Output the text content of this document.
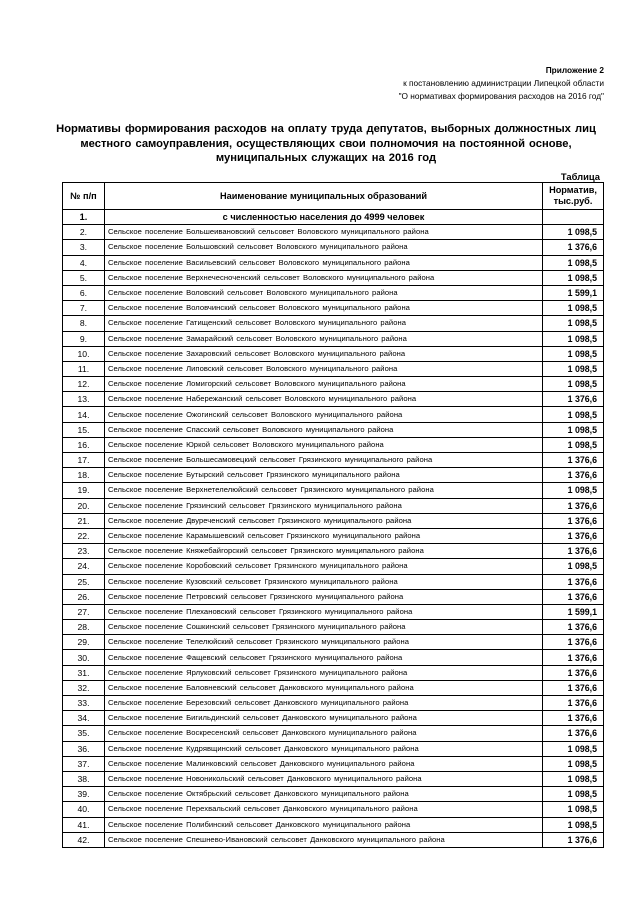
Приложение 2
к постановлению администрации Липецкой области
"О нормативах формирования расходов на 2016 год"
Нормативы формирования расходов на оплату труда депутатов, выборных должностных лиц
местного самоуправления, осуществляющих свои полномочия на постоянной основе,
муниципальных служащих на 2016 год
Таблица
№ п/п	Наименование муниципальных образований	Норматив,
тыс.руб.

1.	с численностью населения до 4999 человек	
2.	Сельское поселение Большеивановский сельсовет Воловского муниципального района	1 098,5
3.	Сельское поселение Большовский сельсовет Воловского муниципального района	1 376,6
4.	Сельское поселение Васильевский сельсовет Воловского муниципального района	1 098,5
5.	Сельское поселение Верхнечесноченский сельсовет Воловского муниципального района	1 098,5
6.	Сельское поселение Воловский сельсовет Воловского муниципального района	1 599,1
7.	Сельское поселение Воловчинский сельсовет Воловского муниципального района	1 098,5
8.	Сельское поселение Гатищенский сельсовет Воловского муниципального района	1 098,5
9.	Сельское поселение Замарайский сельсовет Воловского муниципального района	1 098,5
10.	Сельское поселение Захаровский сельсовет Воловского муниципального района	1 098,5
11.	Сельское поселение Липовский сельсовет Воловского муниципального района	1 098,5
12.	Сельское поселение Ломигорский сельсовет Воловского муниципального района	1 098,5
13.	Сельское поселение Набережанский сельсовет Воловского муниципального района	1 376,6
14.	Сельское поселение Ожогинский сельсовет Воловского муниципального района	1 098,5
15.	Сельское поселение Спасский сельсовет Воловского муниципального района	1 098,5
16.	Сельское поселение Юркой сельсовет Воловского муниципального района	1 098,5
17.	Сельское поселение Большесамовецкий сельсовет Грязинского муниципального района	1 376,6
18.	Сельское поселение Бутырский сельсовет Грязинского муниципального района	1 376,6
19.	Сельское поселение Верхнетелелюйский сельсовет Грязинского муниципального района	1 098,5
20.	Сельское поселение Грязинский сельсовет Грязинского муниципального района	1 376,6
21.	Сельское поселение Двуреченский сельсовет Грязинского муниципального района	1 376,6
22.	Сельское поселение Карамышевский сельсовет Грязинского муниципального района	1 376,6
23.	Сельское поселение Княжебайгорский сельсовет Грязинского муниципального района	1 376,6
24.	Сельское поселение Коробовский сельсовет Грязинского муниципального района	1 098,5
25.	Сельское поселение Кузовский сельсовет Грязинского муниципального района	1 376,6
26.	Сельское поселение Петровский сельсовет Грязинского муниципального района	1 376,6
27.	Сельское поселение Плехановский сельсовет Грязинского муниципального района	1 599,1
28.	Сельское поселение Сошкинский сельсовет Грязинского муниципального района	1 376,6
29.	Сельское поселение Телелюйский сельсовет Грязинского муниципального района	1 376,6
30.	Сельское поселение Фащевский сельсовет Грязинского муниципального района	1 376,6
31.	Сельское поселение Ярлуковский сельсовет Грязинского муниципального района	1 376,6
32.	Сельское поселение Баловневский сельсовет Данковского муниципального района	1 376,6
33.	Сельское поселение Березовский сельсовет Данковского муниципального района	1 376,6
34.	Сельское поселение Бигильдинский сельсовет Данковского муниципального района	1 376,6
35.	Сельское поселение Воскресенский сельсовет Данковского муниципального района	1 376,6
36.	Сельское поселение Кудрявщинский сельсовет Данковского муниципального района	1 098,5
37.	Сельское поселение Малинковский сельсовет Данковского муниципального района	1 098,5
38.	Сельское поселение Новоникольский сельсовет Данковского муниципального района	1 098,5
39.	Сельское поселение Октябрьский сельсовет Данковского муниципального района	1 098,5
40.	Сельское поселение Перехвальский сельсовет Данковского муниципального района	1 098,5
41.	Сельское поселение Полибинский сельсовет Данковского муниципального района	1 098,5
42.	Сельское поселение Спешнево-Ивановский сельсовет Данковского муниципального района	1 376,6
